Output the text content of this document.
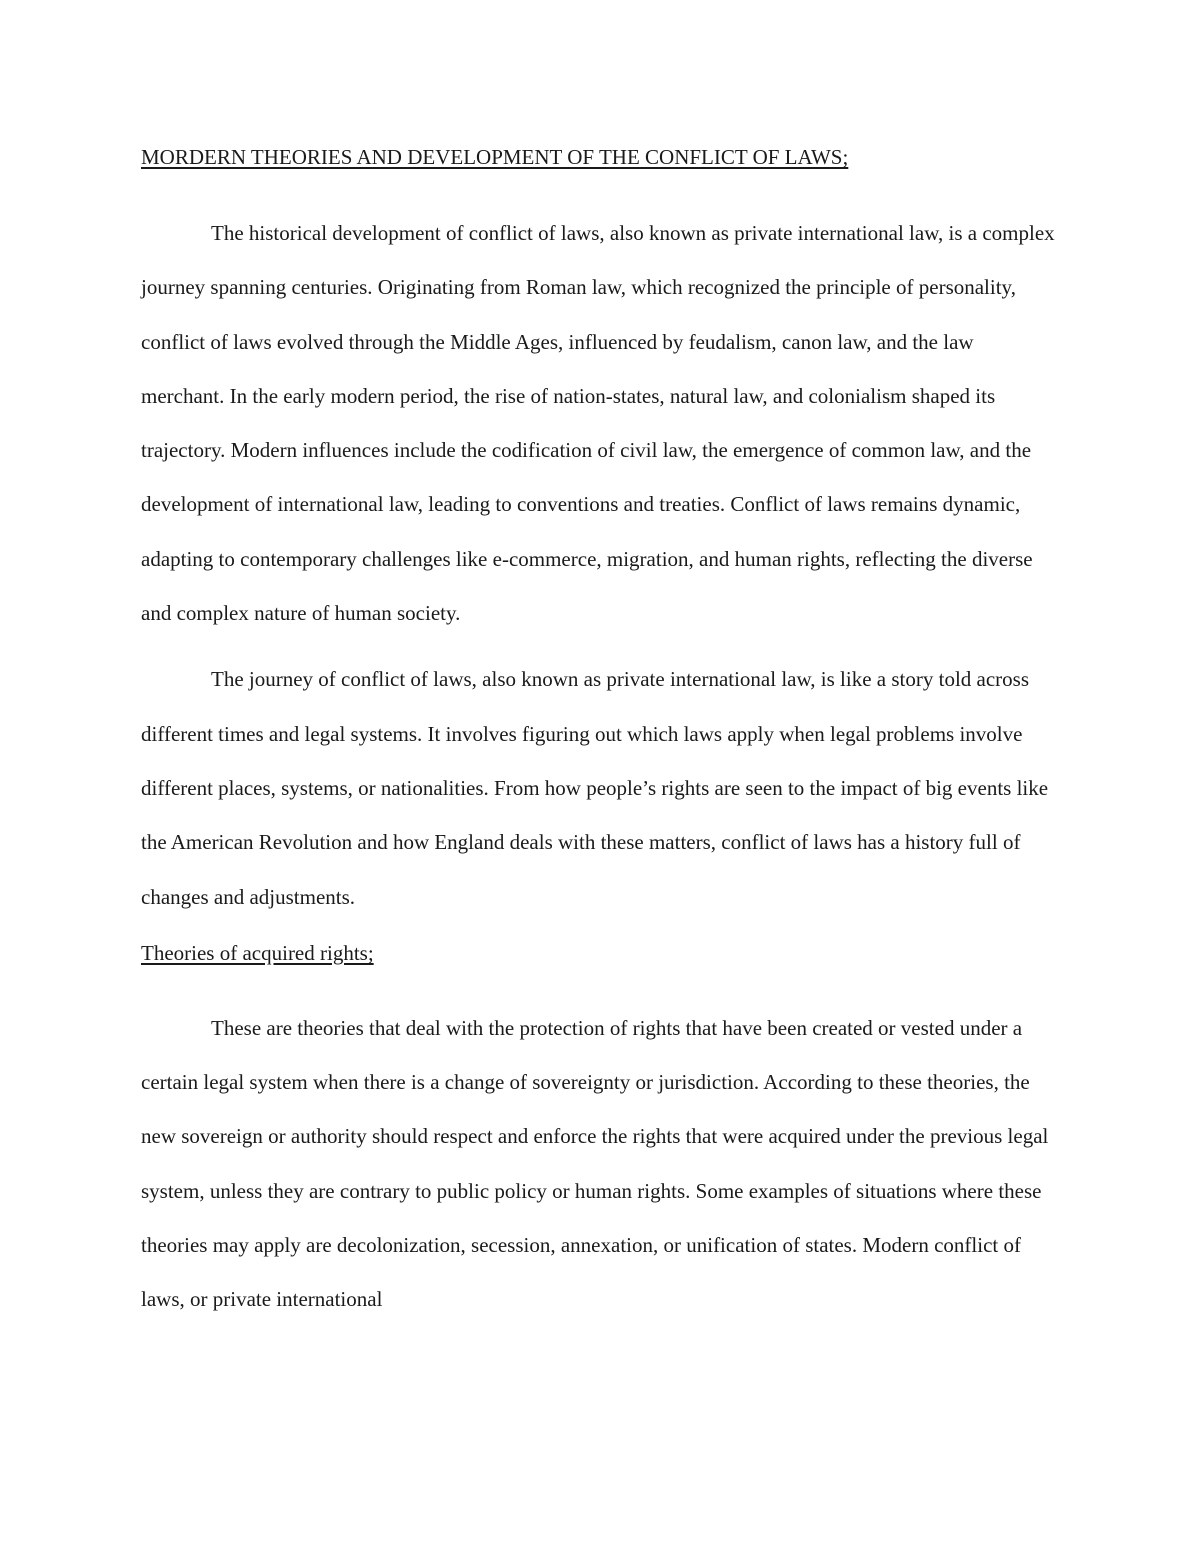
MORDERN THEORIES AND DEVELOPMENT OF THE CONFLICT OF LAWS;

The historical development of conflict of laws, also known as private international law, is a complex journey spanning centuries. Originating from Roman law, which recognized the principle of personality, conflict of laws evolved through the Middle Ages, influenced by feudalism, canon law, and the law merchant. In the early modern period, the rise of nation-states, natural law, and colonialism shaped its trajectory. Modern influences include the codification of civil law, the emergence of common law, and the development of international law, leading to conventions and treaties. Conflict of laws remains dynamic, adapting to contemporary challenges like e-commerce, migration, and human rights, reflecting the diverse and complex nature of human society.

The journey of conflict of laws, also known as private international law, is like a story told across different times and legal systems. It involves figuring out which laws apply when legal problems involve different places, systems, or nationalities. From how people’s rights are seen to the impact of big events like the American Revolution and how England deals with these matters, conflict of laws has a history full of changes and adjustments.

Theories of acquired rights;

These are theories that deal with the protection of rights that have been created or vested under a certain legal system when there is a change of sovereignty or jurisdiction. According to these theories, the new sovereign or authority should respect and enforce the rights that were acquired under the previous legal system, unless they are contrary to public policy or human rights. Some examples of situations where these theories may apply are decolonization, secession, annexation, or unification of states. Modern conflict of laws, or private international
